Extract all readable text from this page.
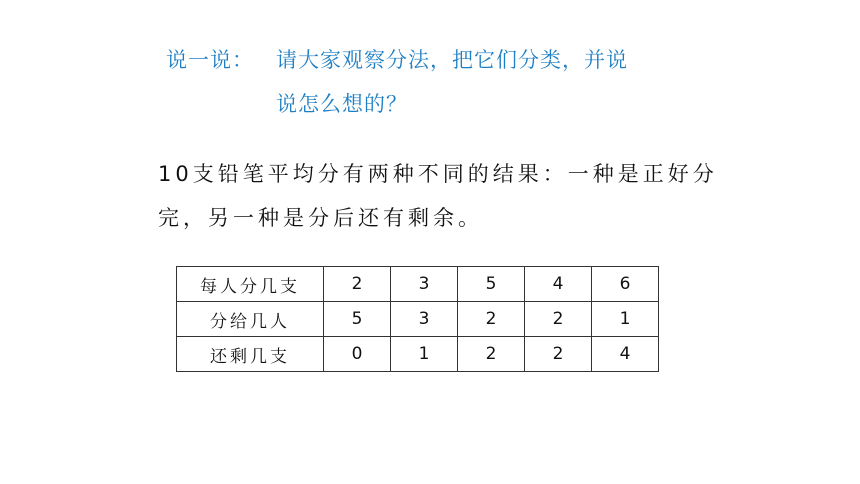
说一说： 请大家观察分法，把它们分类，并说
说怎么想的？
10支铅笔平均分有两种不同的结果：一种是正好分
完，另一种是分后还有剩余。
每人分几支	2	3	5	4	6
分给几人	5	3	2	2	1
还剩几支	0	1	2	2	4
